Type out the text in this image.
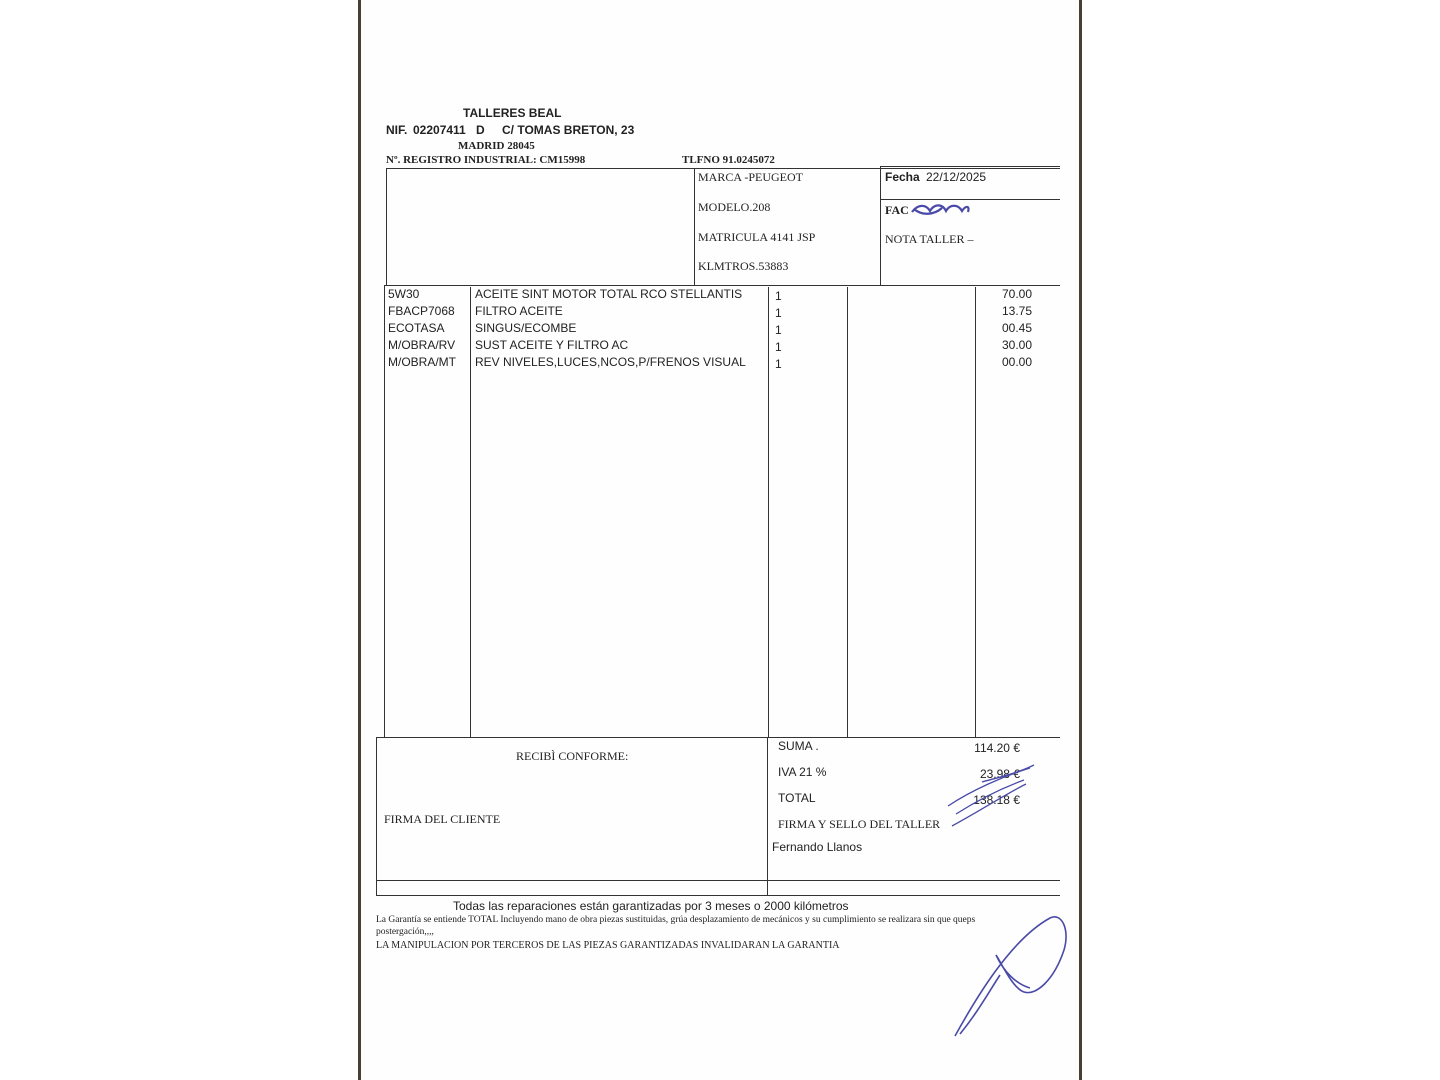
TALLERES BEAL
NIF. 02207411 D C/ TOMAS BRETON, 23
MADRID 28045
Nº. REGISTRO INDUSTRIAL: CM15998	TLFNO 91.0245072
MARCA -PEUGEOT
MODELO.208
MATRICULA 4141 JSP
KLMTROS.53883
Fecha 22/12/2025
FAC
NOTA TALLER –
5W30	ACEITE SINT MOTOR TOTAL RCO STELLANTIS	1	70.00
FBACP7068 FILTRO ACEITE	1	13.75
ECOTASA	SINGUS/ECOMBE	1	00.45
M/OBRA/RV SUST ACEITE Y FILTRO AC	1	30.00
M/OBRA/MT REV NIVELES,LUCES,NCOS,P/FRENOS VISUAL 1	00.00
RECIBÌ CONFORME:
FIRMA DEL CLIENTE
SUMA .	114.20 €
IVA 21 %	23.98 €
TOTAL	138.18 €
FIRMA Y SELLO DEL TALLER
Fernando Llanos
Todas las reparaciones están garantizadas por 3 meses o 2000 kilómetros
La Garantía se entiende TOTAL Incluyendo mano de obra piezas sustituidas, grúa desplazamiento de mecánicos y su cumplimiento se realizara sin que queps
postergación,,,,
LA MANIPULACION POR TERCEROS DE LAS PIEZAS GARANTIZADAS INVALIDARAN LA GARANTIA
